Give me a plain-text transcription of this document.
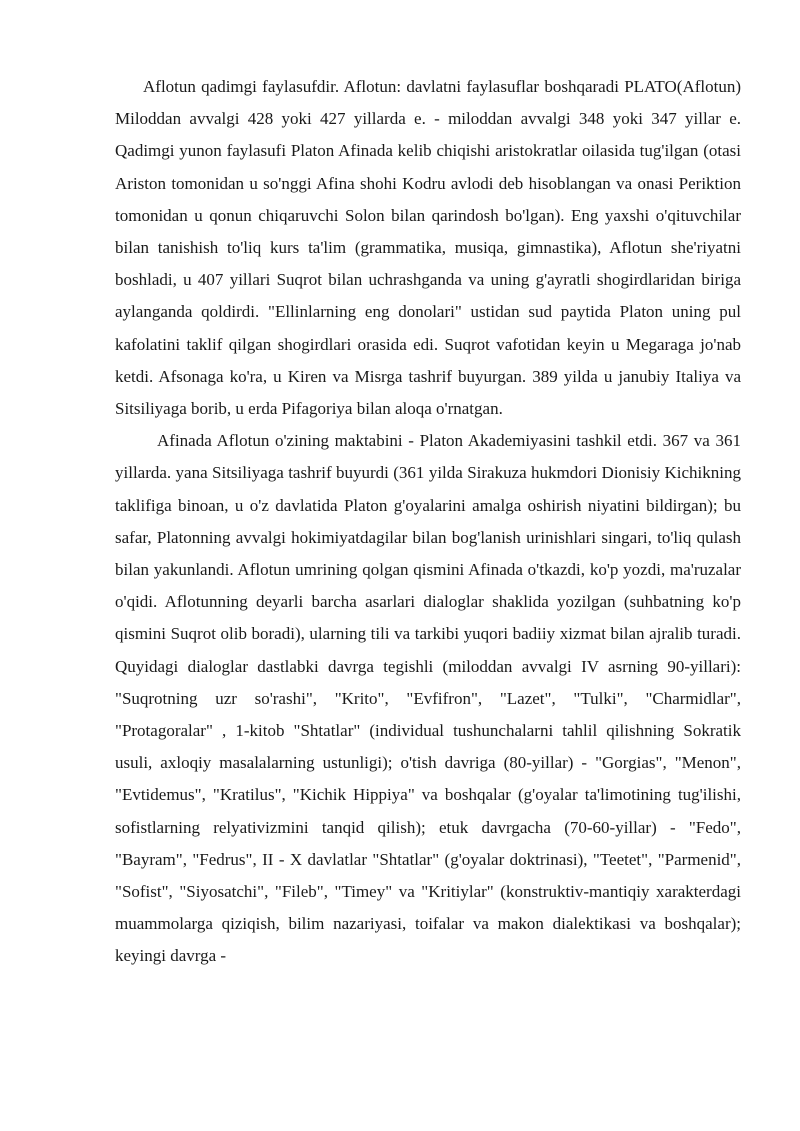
Aflotun qadimgi faylasufdir. Aflotun: davlatni faylasuflar boshqaradi PLATO(Aflotun) Miloddan avvalgi 428 yoki 427 yillarda e. - miloddan avvalgi 348 yoki 347 yillar e. Qadimgi yunon faylasufi Platon Afinada kelib chiqishi aristokratlar oilasida tug'ilgan (otasi Ariston tomonidan u so'nggi Afina shohi Kodru avlodi deb hisoblangan va onasi Periktion tomonidan u qonun chiqaruvchi Solon bilan qarindosh bo'lgan). Eng yaxshi o'qituvchilar bilan tanishish to'liq kurs ta'lim (grammatika, musiqa, gimnastika), Aflotun she'riyatni boshladi, u 407 yillari Suqrot bilan uchrashganda va uning g'ayratli shogirdlaridan biriga aylanganda qoldirdi. "Ellinlarning eng donolari" ustidan sud paytida Platon uning pul kafolatini taklif qilgan shogirdlari orasida edi. Suqrot vafotidan keyin u Megaraga jo'nab ketdi. Afsonaga ko'ra, u Kiren va Misrga tashrif buyurgan. 389 yilda u janubiy Italiya va Sitsiliyaga borib, u erda Pifagoriya bilan aloqa o'rnatgan.

Afinada Aflotun o'zining maktabini - Platon Akademiyasini tashkil etdi. 367 va 361 yillarda. yana Sitsiliyaga tashrif buyurdi (361 yilda Sirakuza hukmdori Dionisiy Kichikning taklifiga binoan, u o'z davlatida Platon g'oyalarini amalga oshirish niyatini bildirgan); bu safar, Platonning avvalgi hokimiyatdagilar bilan bog'lanish urinishlari singari, to'liq qulash bilan yakunlandi. Aflotun umrining qolgan qismini Afinada o'tkazdi, ko'p yozdi, ma'ruzalar o'qidi. Aflotunning deyarli barcha asarlari dialoglar shaklida yozilgan (suhbatning ko'p qismini Suqrot olib boradi), ularning tili va tarkibi yuqori badiiy xizmat bilan ajralib turadi. Quyidagi dialoglar dastlabki davrga tegishli (miloddan avvalgi IV asrning 90-yillari): "Suqrotning uzr so'rashi", "Krito", "Evfifron", "Lazet", "Tulki", "Charmidlar", "Protagoralar" , 1-kitob "Shtatlar" (individual tushunchalarni tahlil qilishning Sokratik usuli, axloqiy masalalarning ustunligi); o'tish davriga (80-yillar) - "Gorgias", "Menon", "Evtidemus", "Kratilus", "Kichik Hippiya" va boshqalar (g'oyalar ta'limotining tug'ilishi, sofistlarning relyativizmini tanqid qilish); etuk davrgacha (70-60-yillar) - "Fedo", "Bayram", "Fedrus", II - X davlatlar "Shtatlar" (g'oyalar doktrinasi), "Teetet", "Parmenid", "Sofist", "Siyosatchi", "Fileb", "Timey" va "Kritiylar" (konstruktiv-mantiqiy xarakterdagi muammolarga qiziqish, bilim nazariyasi, toifalar va makon dialektikasi va boshqalar); keyingi davrga -
